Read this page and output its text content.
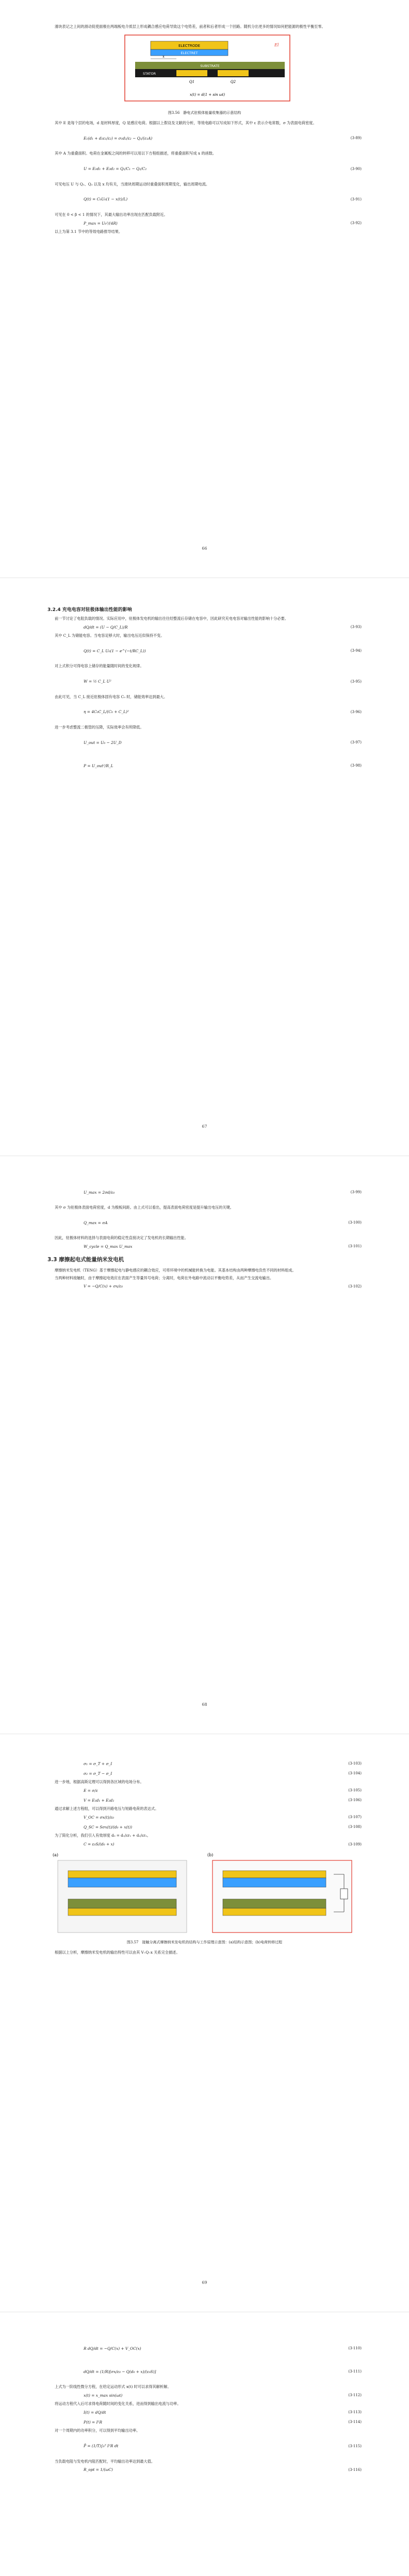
滑块表记之上间的滑动促使面极在两端板电介质层上形成耦合感应电荷导致这个电势差，前者和后者形成一个回路。随机分出更多的情况如何把能源的极性平衡至零。

ELECTRODE
ELECTRET
SUBSTRATE
STATOR
Q1	Q2
x
El
x(t) = d(1 + sin ωt)
图3.56　静电式驻极体能量收集器的示意结构

其中 E 是每个层的电场，d 是材料厚度，Q 是感应电荷。根据以上假设及文献的分析，等效电路可以写成如下形式，其中 ε 表示介电常数，σ 为表面电荷密度。

E₁(d₁ + d₂ε₁/ε₂) = σ₁d₂/ε₂ − Q₁/(ε₁A)	(3-89)

其中 A 为重叠面积。电荷在金属板之间的转移可以用以下方程组描述，将重叠面积写成 x 的函数。

U = E₁d₁ + E₂d₂ = Q₁/C₁ − Q₂/C₂	(3-90)

可见电压 U 与 Q₁、Q₂ 以及 x 均有关，当滑块周期运动时重叠面积周期变化，输出周期电流。

Q(t) = C₀U₀(1 − x(t)/L)	(3-91)

可见在 0 < β < 1 的情况下，其最大输出功率出现在匹配负载附近。

P_max = U₀²/(4R)	(3-92)

以上为第 3.1 节中的等效电路推导结果。

66
3.2.4 充电电容对驻极体输出性能的影响

前一节讨论了电阻负载的情况。实际应用中，驻极体发电机的输出往往经整流后存储在电容中，因此研究充电电容对输出性能的影响十分必要。

dQ/dt = (U − Q/C_L)/R	(3-93)

其中 C_L 为储能电容。当电容足够大时，输出电压近似保持不变。

Q(t) = C_L U₀(1 − e^(−t/RC_L))	(3-94)

对上式积分可得电容上储存的能量随时间的变化规律。

W = ½ C_L U²	(3-95)

由此可见，当 C_L 接近驻极体固有电容 C₀ 时，储能效率达到最大。

η = 4C₀C_L/(C₀ + C_L)²	(3-96)

进一步考虑整流二极管的压降，实际效率会有所降低。

U_out = U₀ − 2U_D	(3-97)
P = U_out²/R_L	(3-98)
67
U_max = 2σd/ε₀	(3-99)

其中 σ 为驻极体表面电荷密度，d 为极板间距。由上式可以看出，提高表面电荷密度是提升输出电压的关键。

Q_max = σA	(3-100)

因此，驻极体材料的选择与表面电荷的稳定性直接决定了发电机的长期输出性能。

W_cycle = Q_max U_max	(3-101)
3.3 摩擦起电式能量纳米发电机

摩擦纳米发电机（TENG）基于摩擦起电与静电感应的耦合效应，可将环境中的机械能转换为电能。其基本结构由两种摩擦电负性不同的材料组成。

当两种材料接触时，由于摩擦起电效应在表面产生等量异号电荷；分离时，电荷在外电路中流动以平衡电势差，从而产生交流电输出。

V = −Q/C(x) + σx/ε₀	(3-102)
68
σ₁ = σ_T + σ_I	(3-103)
σ₂ = σ_T − σ_I	(3-104)

进一步地，根据高斯定理可以得到各区域的电场分布。

E = σ/ε	(3-105)
V = E₁d₁ + E₂d₂	(3-106)

通过求解上述方程组，可以得到开路电压与短路电荷的表达式。

V_OC = σx(t)/ε₀	(3-107)
Q_SC = Sσx(t)/(d₀ + x(t))	(3-108)

为了简化分析，我们引入有效厚度 d₀ = d₁/εr₁ + d₂/εr₂。

C = ε₀S/(d₀ + x)	(3-109)
(a)	(b)
图3.57　接触分离式摩擦纳米发电机的结构与工作原理示意图：(a)结构示意图；(b)电荷转移过程

根据以上分析，摩擦纳米发电机的输出特性可以由其 V–Q–x 关系完全描述。

69
R dQ/dt = −Q/C(x) + V_OC(x)	(3-110)
dQ/dt = (1/R)[σx/ε₀ − Q(d₀ + x)/(ε₀S)]	(3-111)

上式为一阶线性微分方程，在给定运动形式 x(t) 时可以求得其解析解。

x(t) = x_max sin(ωt)	(3-112)

将运动方程代入后可求得电荷随时间的变化关系，进而得到输出电流与功率。

I(t) = dQ/dt	(3-113)
P(t) = I²R	(3-114)

对一个周期内的功率积分，可以得到平均输出功率。

P̄ = (1/T)∫₀ᵀ I²R dt	(3-115)

当负载电阻与发电机内阻匹配时，平均输出功率达到最大值。

R_opt = 1/(ωC)	(3-116)
